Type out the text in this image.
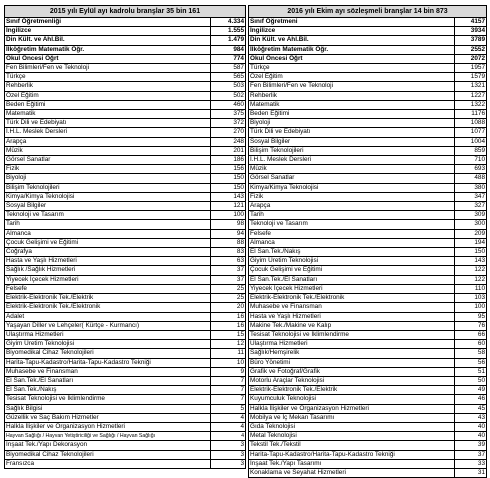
2015 yılı Eylül ayı kadrolu branşlar 35 bin 161	
Sınıf Öğretmenliği	4.334
İngilizce	1.555
Din Kült. ve Ahl.Bil.	1.479
İlköğretim Matematik Öğr.	984
Okul Öncesi Öğrt	774
Fen Bilimleri/Fen ve Teknoloji	587
Türkçe	565
Rehberlik	503
Özel Eğitim	502
Beden Eğitimi	460
Matematik	375
Türk Dili ve Edebiyatı	372
İ.H.L. Meslek Dersleri	270
Arapça	248
Müzik	201
Görsel Sanatlar	186
Fizik	156
Biyoloji	150
Bilişim Teknolojileri	150
Kimya/Kimya Teknolojisi	143
Sosyal Bilgiler	121
Teknoloji ve Tasarım	100
Tarih	98
Almanca	94
Çocuk Gelişimi ve Eğitimi	88
Coğrafya	83
Hasta ve Yaşlı Hizmetleri	63
Sağlık /Sağlık Hizmetleri	37
Yiyecek İçecek Hizmetleri	37
Felsefe	25
Elektrik-Elektronik Tek./Elektrik	25
Elektrik-Elektronik Tek./Elektronik	20
Adalet	16
Yaşayan Diller ve Lehçeler( Kürtçe - Kurmancı)	16
Ulaştırma Hizmetleri	15
Giyim Üretim Teknolojisi	12
Biyomedikal Cihaz Teknolojileri	11
Harita-Tapu-Kadastro/Harita-Tapu-Kadastro Tekniği	10
Muhasebe ve Finansman	9
El San.Tek./El Sanatları	7
El San.Tek./Nakış	7
Tesisat Teknolojisi ve İklimlendirme	7
Sağlık Bilgisi	5
Güzellik ve Saç Bakım Hizmetler	4
Halkla İlişkiler ve Organizasyon Hizmetleri	4
Hayvan Sağlığı / Hayvan Yetiştiriciliği ve Sağlığı / Hayvan Sağlığı	4
İnşaat Tek./Yapı Dekorasyon	3
Biyomedikal Cihaz Teknolojileri	3
Fransızca	3
2016 yılı Ekim ayı sözleşmeli branşlar 14 bin 873	
Sınıf Öğretmeni	4157
İngilizce	3934
Din Kült. ve Ahl.Bil.	3789
İlköğretim Matematik Öğr.	2552
Okul Öncesi Öğrt	2072
Türkçe	1957
Özel Eğitim	1579
Fen Bilimleri/Fen ve Teknoloji	1321
Rehberlik	1227
Matematik	1322
Beden Eğitimi	1176
Biyoloji	1088
Türk Dili ve Edebiyatı	1077
Sosyal Bilgiler	1004
Bilişim Teknolojileri	859
İ.H.L. Meslek Dersleri	710
Müzik	693
Görsel Sanatlar	488
Kimya/Kimya Teknolojisi	380
Fizik	347
Arapça	327
Tarih	309
Teknoloji ve Tasarım	300
Felsefe	209
Almanca	194
El San.Tek./Nakış	150
Giyim Üretim Teknolojisi	143
Çocuk Gelişimi ve Eğitimi	122
El San.Tek./El Sanatları	122
Yiyecek İçecek Hizmetleri	110
Elektrik-Elektronik Tek./Elektronik	103
Muhasebe ve Finansman	100
Hasta ve Yaşlı Hizmetleri	95
Makine Tek./Makine ve Kalıp	76
Tesisat Teknolojisi ve İklimlendirme	66
Ulaştırma Hizmetleri	60
Sağlık/Hemşirelik	58
Büro Yönetimi	56
Grafik ve Fotoğraf/Grafik	51
Motorlu Araçlar Teknolojisi	50
Elektrik-Elektronik Tek./Elektrik	49
Kuyumculuk Teknolojisi	46
Halkla İlişkiler ve Organizasyon Hizmetleri	45
Mobilya ve İç Mekan Tasarımı	43
Gıda Teknolojisi	40
Metal Teknolojisi	40
Tekstil Tek./Tekstil	39
Harita-Tapu-Kadastro/Harita-Tapu-Kadastro Tekniği	37
İnşaat Tek./Yapı Tasarımı	33
Konaklama ve Seyahat Hizmetleri	31
